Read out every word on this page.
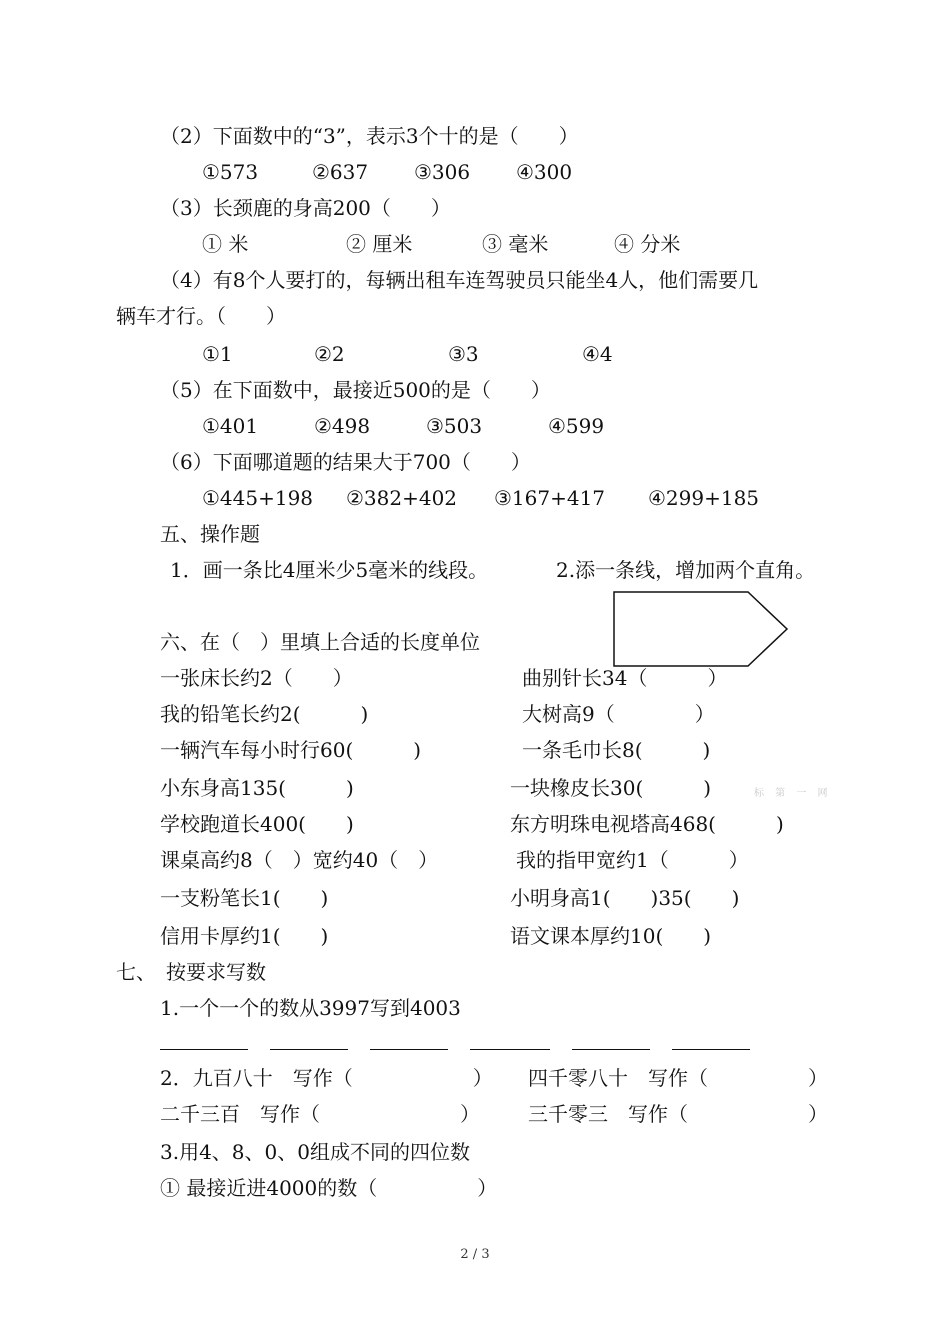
（2）下面数中的“3”，表示3个十的是（　　）
①573	②637 ③306 ④300
（3）长颈鹿的身高200（　　）
① 米	② 厘米	③ 毫米	④ 分米
（4）有8个人要打的，每辆出租车连驾驶员只能坐4人，他们需要几
辆车才行。（　　）
①1	②2	③3	④4
（5）在下面数中，最接近500的是（　　）
①401	②498	③503	④599
（6）下面哪道题的结果大于700（　　）
①445+198 ②382+402 ③167+417 ④299+185
五、操作题
1．画一条比4厘米少5毫米的线段。	2.添一条线，增加两个直角。
六、在（　）里填上合适的长度单位
一张床长约2（　　）
我的铅笔长约2(　　　)
一辆汽车每小时行60(　　　)
小东身高135(　　　)
学校跑道长400(　　)
课桌高约8（　）宽约40（　）
一支粉笔长1(　　)
信用卡厚约1(　　)
曲别针长34（　　　）
大树高9（　　　　）
一条毛巾长8(　　　)
一块橡皮长30(　　　)
东方明珠电视塔高468(　　　)
我的指甲宽约1（　　　）
小明身高1(　　)35(　　)
语文课本厚约10(　　)
标 第 一 网
七、　按要求写数
1.一个一个的数从3997写到4003
2．九百八十　写作（　　　　　　） 四千零八十　写作（　　　　　）
二千三百　写作（　　　　　　　） 三千零三　写作（　　　　　　）
3.用4、8、0、0组成不同的四位数
① 最接近进4000的数（　　　　　）
2 / 3
